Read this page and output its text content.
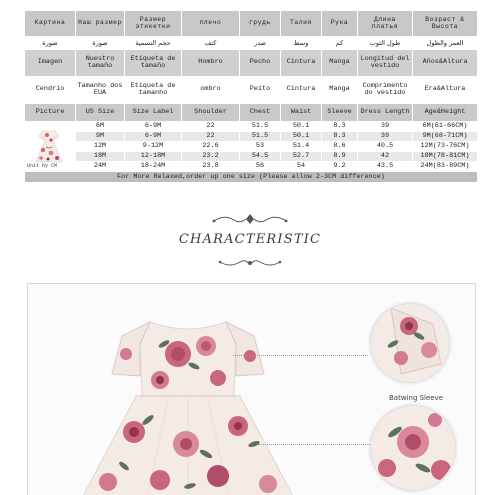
Картина	Наш размер	Размер этикетки	плечо	грудь	Талия	Рука	Длина платья	Возраст & Высота
صورة	صورة	حجم التسمية	كتف	صدر	وسط	كم	طول الثوب	العمر والطول
Imagen	Nuestro tamaño	Etiqueta de tamaño	Hombro	Pecho	Cintura	Manga	Longitud del vestido	Años&Altura
Cendrio	Tamanho dos EUA	Etiqueta de tamanho	ombro	Peito	Cintura	Manga	Comprimento do vestido	Era&Altura
Picture	US Size	Size Label	Shoulder	Chest	Waist	Sleeve	Dress Length	Age&Height

Unit by CM	6M	6-9M	22	51.5	50.1	8.3	39	6M(61-66CM)
	9M	6-9M	22	51.5	50.1	8.3	39	9M(68-71CM)
	12M	9-12M	22.6	53	51.4	8.6	40.5	12M(73-76CM)
	18M	12-18M	23.2	54.5	52.7	8.9	42	18M(78-81CM)
	24M	18-24M	23.8	56	54	9.2	43.5	24M(83-89CM)
For More Relaxed,order up one size (Please allow 2-3CM difference)								
CHARACTERISTIC
Batwing Sleeve
